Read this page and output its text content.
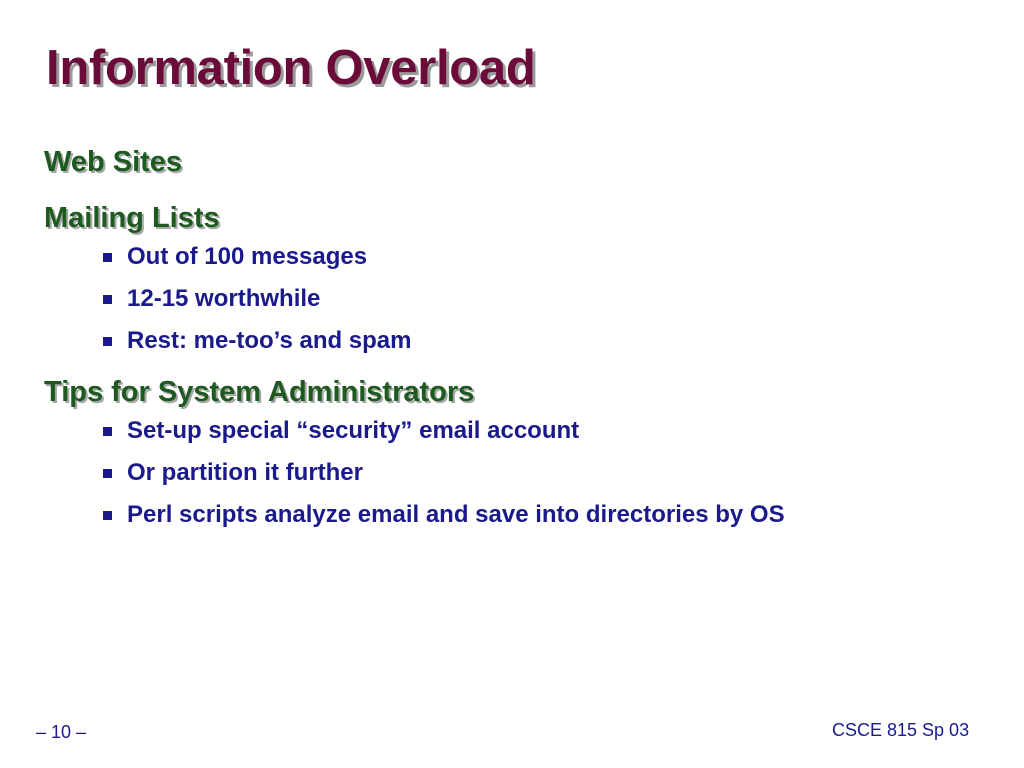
Information Overload
Web Sites
Mailing Lists
Out of 100 messages
12-15 worthwhile
Rest: me-too’s and spam
Tips for System Administrators
Set-up special “security” email account
Or partition it further
Perl scripts analyze email and save into directories by OS
– 10 –	CSCE 815 Sp 03
